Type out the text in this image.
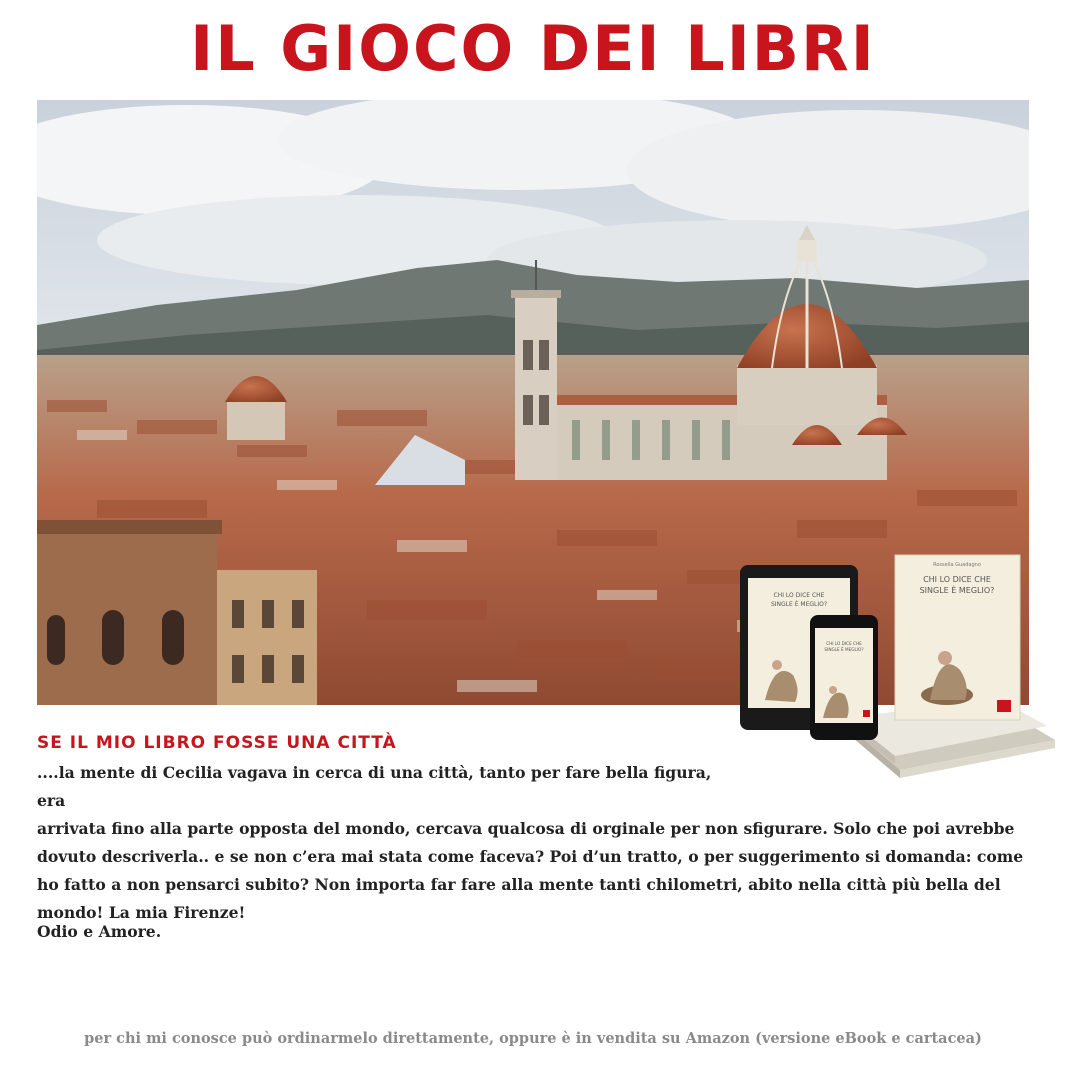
IL GIOCO DEI LIBRI
Rossella Guadagno
CHI LO DICE CHE
SINGLE È MEGLIO?
CHI LO DICE CHE
SINGLE È MEGLIO?
CHI LO DICE CHE
SINGLE È MEGLIO?
SE IL MIO LIBRO FOSSE UNA CITTÀ
....la mente di Cecilia vagava in cerca di una città, tanto per fare bella figura, era
arrivata fino alla parte opposta del mondo, cercava qualcosa di orginale per non sfigurare. Solo che poi avrebbe dovuto descriverla.. e se non c’era mai stata come faceva? Poi d’un tratto, o per suggerimento si domanda: come ho fatto a non pensarci subito? Non importa far fare alla mente tanti chilometri, abito nella città più bella del mondo! La mia Firenze!
Odio e Amore.
per chi mi conosce può ordinarmelo direttamente, oppure è in vendita su Amazon (versione eBook e cartacea)
